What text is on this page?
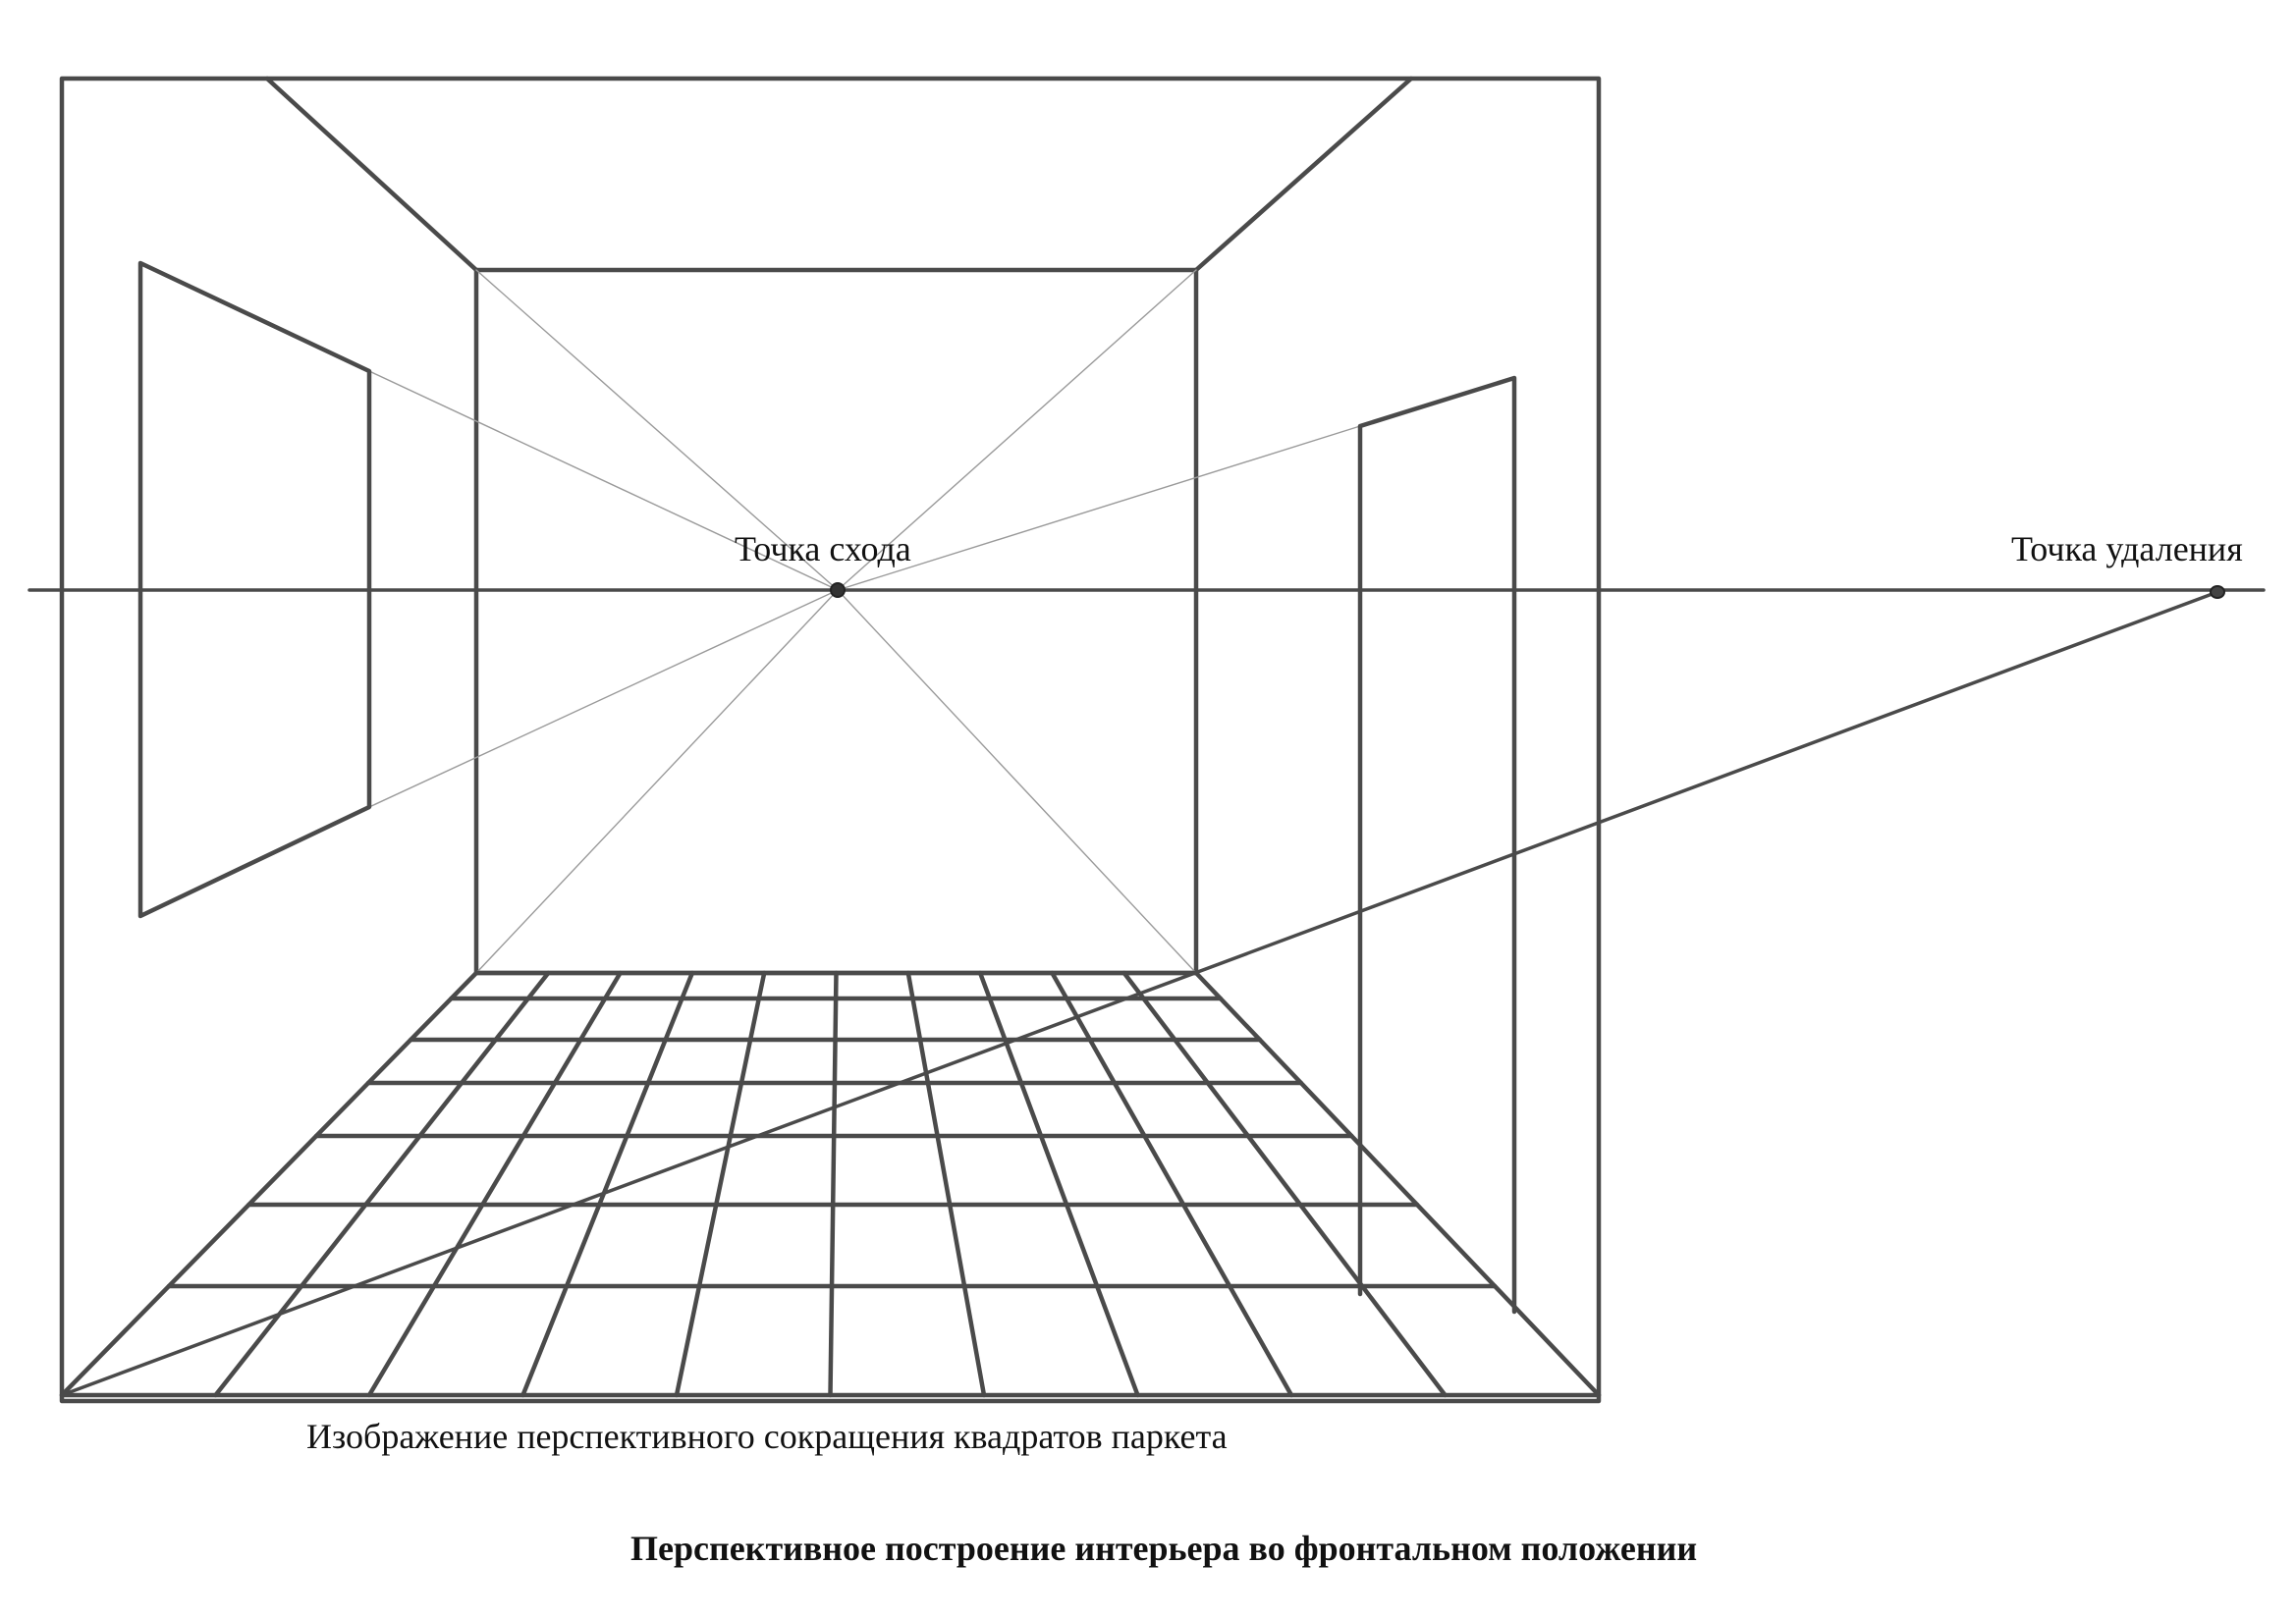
Точка схода	Точка удаления
Изображение перспективного сокращения квадратов паркета
Перспективное построение интерьера во фронтальном положении
